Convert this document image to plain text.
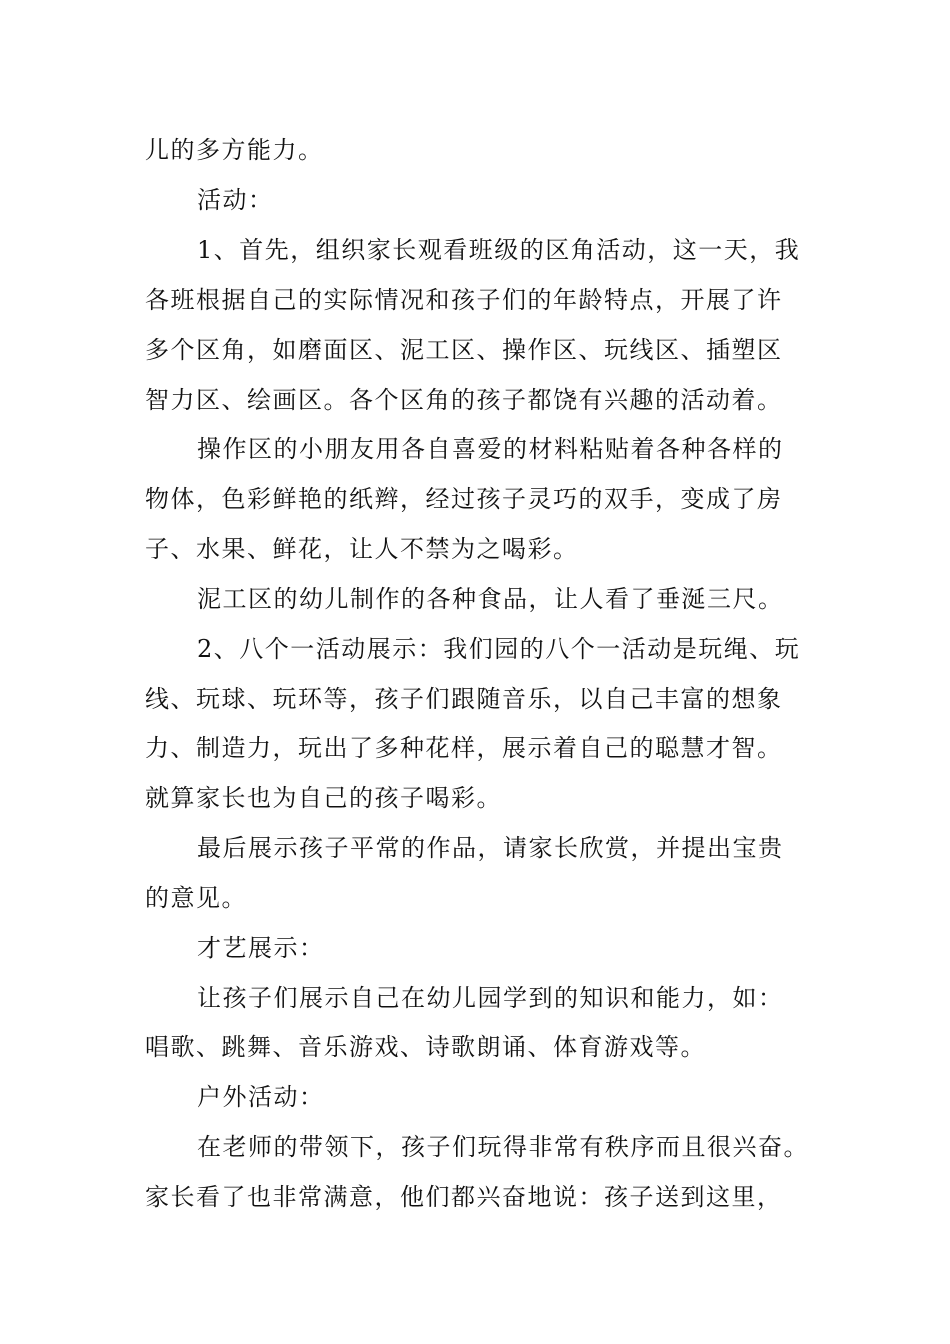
儿的多方能力。
活动：
1、首先，组织家长观看班级的区角活动，这一天，我
各班根据自己的实际情况和孩子们的年龄特点，开展了许
多个区角，如磨面区、泥工区、操作区、玩线区、插塑区
智力区、绘画区。各个区角的孩子都饶有兴趣的活动着。
操作区的小朋友用各自喜爱的材料粘贴着各种各样的
物体，色彩鲜艳的纸辫，经过孩子灵巧的双手，变成了房
子、水果、鲜花，让人不禁为之喝彩。
泥工区的幼儿制作的各种食品，让人看了垂涎三尺。
2、八个一活动展示：我们园的八个一活动是玩绳、玩
线、玩球、玩环等，孩子们跟随音乐，以自己丰富的想象
力、制造力，玩出了多种花样，展示着自己的聪慧才智。
就算家长也为自己的孩子喝彩。
最后展示孩子平常的作品，请家长欣赏，并提出宝贵
的意见。
才艺展示：
让孩子们展示自己在幼儿园学到的知识和能力，如：
唱歌、跳舞、音乐游戏、诗歌朗诵、体育游戏等。
户外活动：
在老师的带领下，孩子们玩得非常有秩序而且很兴奋。
家长看了也非常满意，他们都兴奋地说：孩子送到这里，
